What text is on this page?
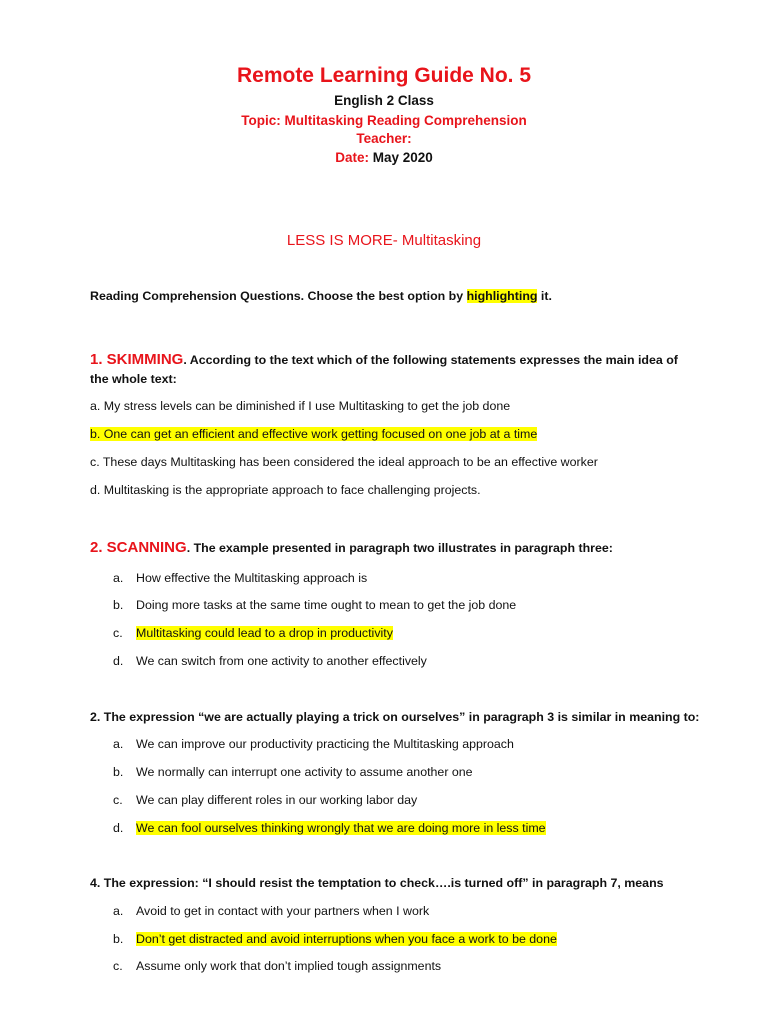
Remote Learning Guide No. 5
English 2 Class
Topic: Multitasking Reading Comprehension
Teacher:
Date: May 2020
LESS IS MORE- Multitasking
Reading Comprehension Questions. Choose the best option by highlighting it.
1. SKIMMING. According to the text which of the following statements expresses the main idea of
the whole text:
a. My stress levels can be diminished if I use Multitasking to get the job done
b. One can get an efficient and effective work getting focused on one job at a time
c. These days Multitasking has been considered the ideal approach to be an effective worker
d. Multitasking is the appropriate approach to face challenging projects.
2. SCANNING. The example presented in paragraph two illustrates in paragraph three:
a. How effective the Multitasking approach is
b. Doing more tasks at the same time ought to mean to get the job done
c. Multitasking could lead to a drop in productivity
d. We can switch from one activity to another effectively
2. The expression “we are actually playing a trick on ourselves” in paragraph 3 is similar in meaning to:
a. We can improve our productivity practicing the Multitasking approach
b. We normally can interrupt one activity to assume another one
c. We can play different roles in our working labor day
d. We can fool ourselves thinking wrongly that we are doing more in less time
4. The expression: “I should resist the temptation to check….is turned off” in paragraph 7, means
a. Avoid to get in contact with your partners when I work
b. Don’t get distracted and avoid interruptions when you face a work to be done
c. Assume only work that don’t implied tough assignments
